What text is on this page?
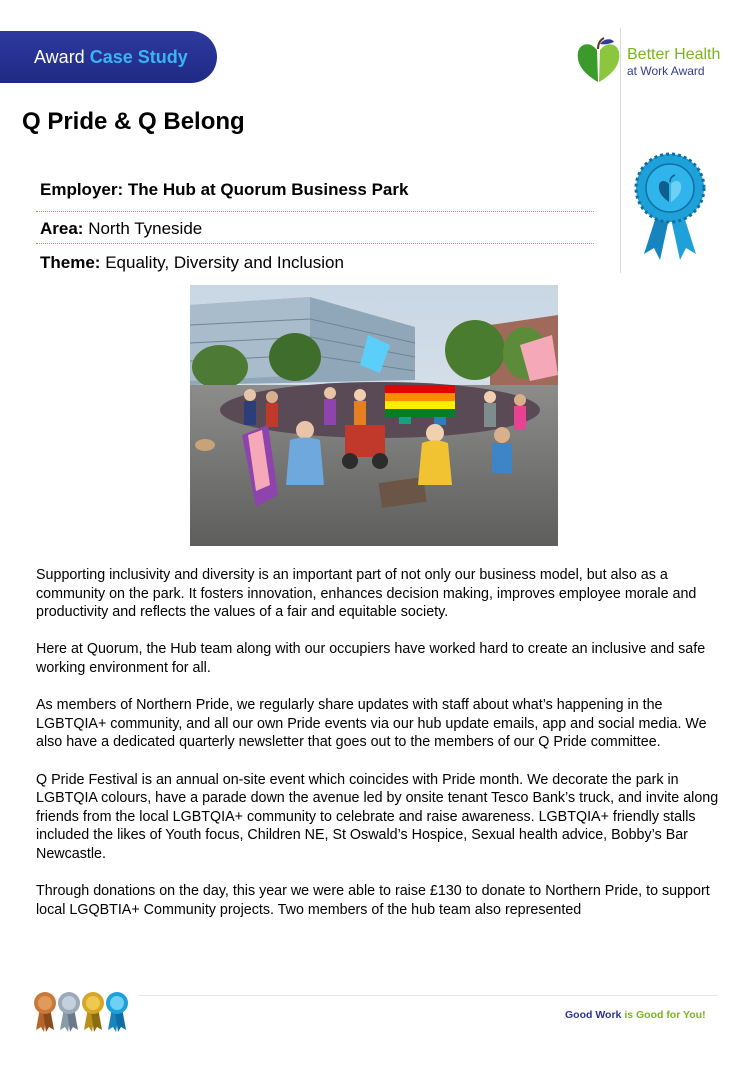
Award Case Study	Better Health
at Work Award
Q Pride & Q Belong
Employer: The Hub at Quorum Business Park
Area: North Tyneside
Theme: Equality, Diversity and Inclusion

Supporting inclusivity and diversity is an important part of not only our business model, but also as a community on the park. It fosters innovation, enhances decision making, improves employee morale and productivity and reflects the values of a fair and equitable society.

Here at Quorum, the Hub team along with our occupiers have worked hard to create an inclusive and safe working environment for all.

As members of Northern Pride, we regularly share updates with staff about what’s happening in the LGBTQIA+ community, and all our own Pride events via our hub update emails, app and social media. We also have a dedicated quarterly newsletter that goes out to the members of our Q Pride committee.

Q Pride Festival is an annual on-site event which coincides with Pride month. We decorate the park in LGBTQIA colours, have a parade down the avenue led by onsite tenant Tesco Bank’s truck, and invite along friends from the local LGBTQIA+ community to celebrate and raise awareness. LGBTQIA+ friendly stalls included the likes of Youth focus, Children NE, St Oswald’s Hospice, Sexual health advice, Bobby’s Bar Newcastle.

Through donations on the day, this year we were able to raise £130 to donate to Northern Pride, to support local LGQBTIA+ Community projects. Two members of the hub team also represented

Good Work is Good for You!
